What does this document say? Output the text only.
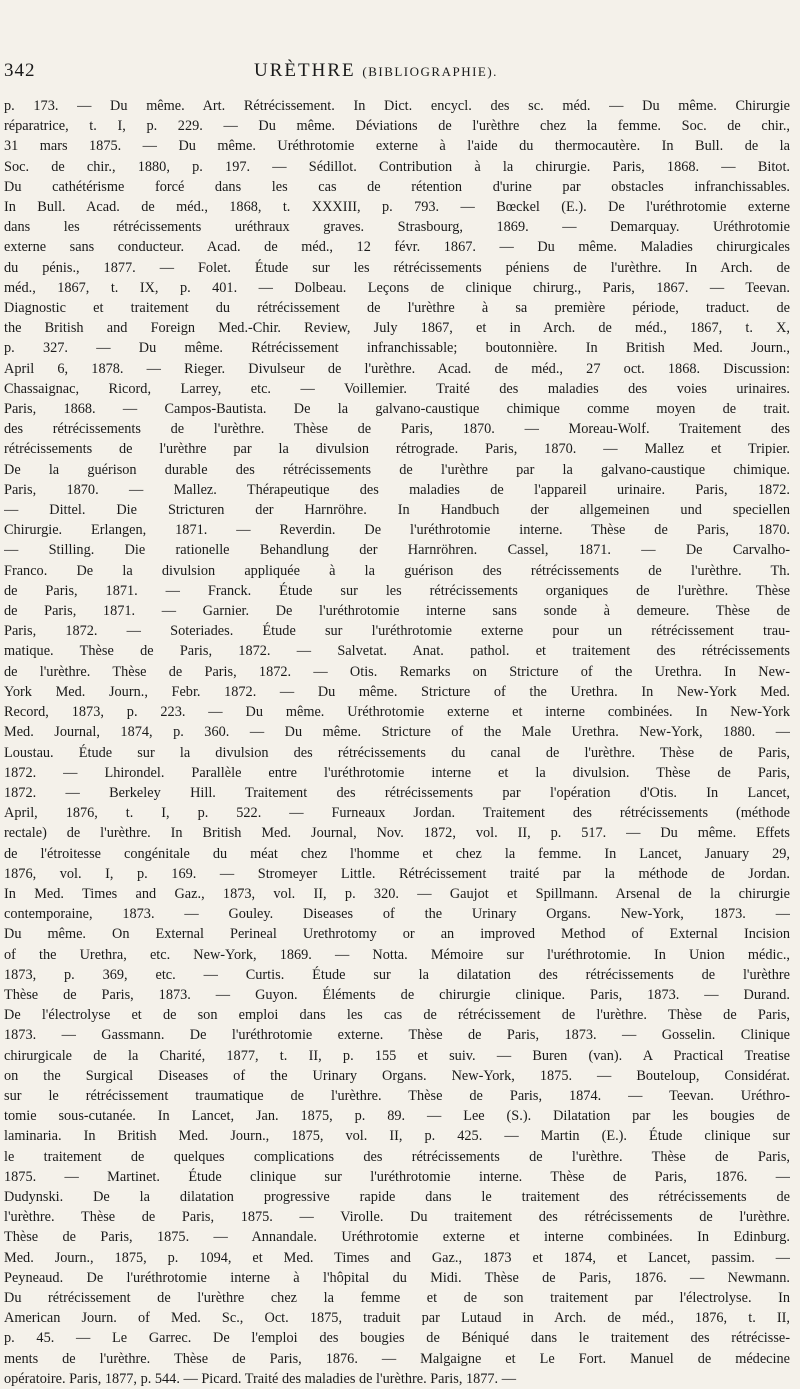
342	URÈTHRE (BIBLIOGRAPHIE).
p. 173. — Du même. Art. Rétrécissement. In Dict. encycl. des sc. méd. — Du même. Chirurgie
réparatrice, t. I, p. 229. — Du même. Déviations de l'urèthre chez la femme. Soc. de chir.,
31 mars 1875. — Du même. Uréthrotomie externe à l'aide du thermocautère. In Bull. de la
Soc. de chir., 1880, p. 197. — Sédillot. Contribution à la chirurgie. Paris, 1868. — Bitot.
Du cathétérisme forcé dans les cas de rétention d'urine par obstacles infranchissables.
In Bull. Acad. de méd., 1868, t. XXXIII, p. 793. — Bœckel (E.). De l'uréthrotomie externe
dans les rétrécissements uréthraux graves. Strasbourg, 1869. — Demarquay. Uréthrotomie
externe sans conducteur. Acad. de méd., 12 févr. 1867. — Du même. Maladies chirurgicales
du pénis., 1877. — Folet. Étude sur les rétrécissements péniens de l'urèthre. In Arch. de
méd., 1867, t. IX, p. 401. — Dolbeau. Leçons de clinique chirurg., Paris, 1867. — Teevan.
Diagnostic et traitement du rétrécissement de l'urèthre à sa première période, traduct. de
the British and Foreign Med.-Chir. Review, July 1867, et in Arch. de méd., 1867, t. X,
p. 327. — Du même. Rétrécissement infranchissable; boutonnière. In British Med. Journ.,
April 6, 1878. — Rieger. Divulseur de l'urèthre. Acad. de méd., 27 oct. 1868. Discussion:
Chassaignac, Ricord, Larrey, etc. — Voillemier. Traité des maladies des voies urinaires.
Paris, 1868. — Campos-Bautista. De la galvano-caustique chimique comme moyen de trait.
des rétrécissements de l'urèthre. Thèse de Paris, 1870. — Moreau-Wolf. Traitement des
rétrécissements de l'urèthre par la divulsion rétrograde. Paris, 1870. — Mallez et Tripier.
De la guérison durable des rétrécissements de l'urèthre par la galvano-caustique chimique.
Paris, 1870. — Mallez. Thérapeutique des maladies de l'appareil urinaire. Paris, 1872.
— Dittel. Die Stricturen der Harnröhre. In Handbuch der allgemeinen und speciellen
Chirurgie. Erlangen, 1871. — Reverdin. De l'uréthrotomie interne. Thèse de Paris, 1870.
— Stilling. Die rationelle Behandlung der Harnröhren. Cassel, 1871. — De Carvalho-
Franco. De la divulsion appliquée à la guérison des rétrécissements de l'urèthre. Th.
de Paris, 1871. — Franck. Étude sur les rétrécissements organiques de l'urèthre. Thèse
de Paris, 1871. — Garnier. De l'uréthrotomie interne sans sonde à demeure. Thèse de
Paris, 1872. — Soteriades. Étude sur l'uréthrotomie externe pour un rétrécissement trau-
matique. Thèse de Paris, 1872. — Salvetat. Anat. pathol. et traitement des rétrécissements
de l'urèthre. Thèse de Paris, 1872. — Otis. Remarks on Stricture of the Urethra. In New-
York Med. Journ., Febr. 1872. — Du même. Stricture of the Urethra. In New-York Med.
Record, 1873, p. 223. — Du même. Uréthrotomie externe et interne combinées. In New-York
Med. Journal, 1874, p. 360. — Du même. Stricture of the Male Urethra. New-York, 1880. —
Loustau. Étude sur la divulsion des rétrécissements du canal de l'urèthre. Thèse de Paris,
1872. — Lhirondel. Parallèle entre l'uréthrotomie interne et la divulsion. Thèse de Paris,
1872. — Berkeley Hill. Traitement des rétrécissements par l'opération d'Otis. In Lancet,
April, 1876, t. I, p. 522. — Furneaux Jordan. Traitement des rétrécissements (méthode
rectale) de l'urèthre. In British Med. Journal, Nov. 1872, vol. II, p. 517. — Du même. Effets
de l'étroitesse congénitale du méat chez l'homme et chez la femme. In Lancet, January 29,
1876, vol. I, p. 169. — Stromeyer Little. Rétrécissement traité par la méthode de Jordan.
In Med. Times and Gaz., 1873, vol. II, p. 320. — Gaujot et Spillmann. Arsenal de la chirurgie
contemporaine, 1873. — Gouley. Diseases of the Urinary Organs. New-York, 1873. —
Du même. On External Perineal Urethrotomy or an improved Method of External Incision
of the Urethra, etc. New-York, 1869. — Notta. Mémoire sur l'uréthrotomie. In Union médic.,
1873, p. 369, etc. — Curtis. Étude sur la dilatation des rétrécissements de l'urèthre
Thèse de Paris, 1873. — Guyon. Éléments de chirurgie clinique. Paris, 1873. — Durand.
De l'électrolyse et de son emploi dans les cas de rétrécissement de l'urèthre. Thèse de Paris,
1873. — Gassmann. De l'uréthrotomie externe. Thèse de Paris, 1873. — Gosselin. Clinique
chirurgicale de la Charité, 1877, t. II, p. 155 et suiv. — Buren (van). A Practical Treatise
on the Surgical Diseases of the Urinary Organs. New-York, 1875. — Bouteloup, Considérat.
sur le rétrécissement traumatique de l'urèthre. Thèse de Paris, 1874. — Teevan. Uréthro-
tomie sous-cutanée. In Lancet, Jan. 1875, p. 89. — Lee (S.). Dilatation par les bougies de
laminaria. In British Med. Journ., 1875, vol. II, p. 425. — Martin (E.). Étude clinique sur
le traitement de quelques complications des rétrécissements de l'urèthre. Thèse de Paris,
1875. — Martinet. Étude clinique sur l'uréthrotomie interne. Thèse de Paris, 1876. —
Dudynski. De la dilatation progressive rapide dans le traitement des rétrécissements de
l'urèthre. Thèse de Paris, 1875. — Virolle. Du traitement des rétrécissements de l'urèthre.
Thèse de Paris, 1875. — Annandale. Uréthrotomie externe et interne combinées. In Edinburg.
Med. Journ., 1875, p. 1094, et Med. Times and Gaz., 1873 et 1874, et Lancet, passim. —
Peyneaud. De l'uréthrotomie interne à l'hôpital du Midi. Thèse de Paris, 1876. — Newmann.
Du rétrécissement de l'urèthre chez la femme et de son traitement par l'électrolyse. In
American Journ. of Med. Sc., Oct. 1875, traduit par Lutaud in Arch. de méd., 1876, t. II,
p. 45. — Le Garrec. De l'emploi des bougies de Béniqué dans le traitement des rétrécisse-
ments de l'urèthre. Thèse de Paris, 1876. — Malgaigne et Le Fort. Manuel de médecine
opératoire. Paris, 1877, p. 544. — Picard. Traité des maladies de l'urèthre. Paris, 1877. —
